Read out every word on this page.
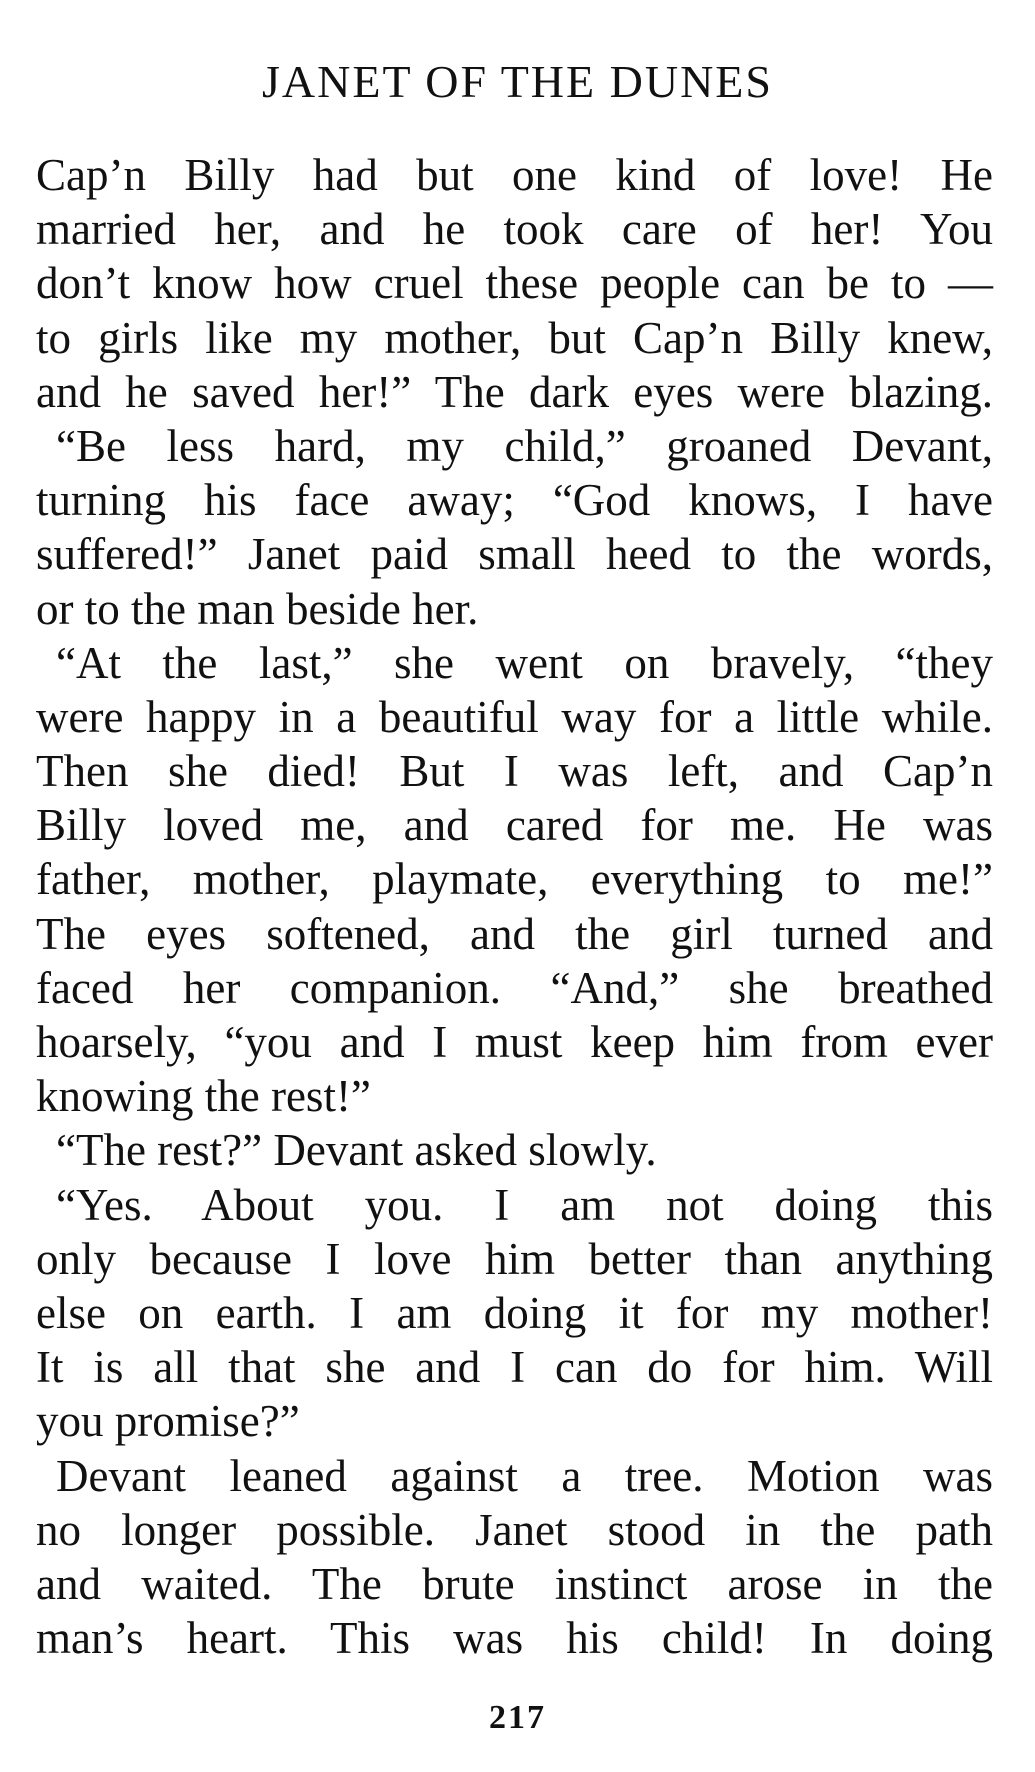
JANET OF THE DUNES

Cap’n Billy had but one kind of love! He
married her, and he took care of her! You
don’t know how cruel these people can be to —
to girls like my mother, but Cap’n Billy knew,
and he saved her!” The dark eyes were blazing.

“Be less hard, my child,” groaned Devant,
turning his face away; “God knows, I have
suffered!” Janet paid small heed to the words,
or to the man beside her.

“At the last,” she went on bravely, “they
were happy in a beautiful way for a little while.
Then she died! But I was left, and Cap’n
Billy loved me, and cared for me. He was
father, mother, playmate, everything to me!”
The eyes softened, and the girl turned and
faced her companion. “And,” she breathed
hoarsely, “you and I must keep him from ever
knowing the rest!”

“The rest?” Devant asked slowly.

“Yes. About you. I am not doing this
only because I love him better than anything
else on earth. I am doing it for my mother!
It is all that she and I can do for him. Will
you promise?”

Devant leaned against a tree. Motion was
no longer possible. Janet stood in the path
and waited. The brute instinct arose in the
man’s heart. This was his child! In doing

217
